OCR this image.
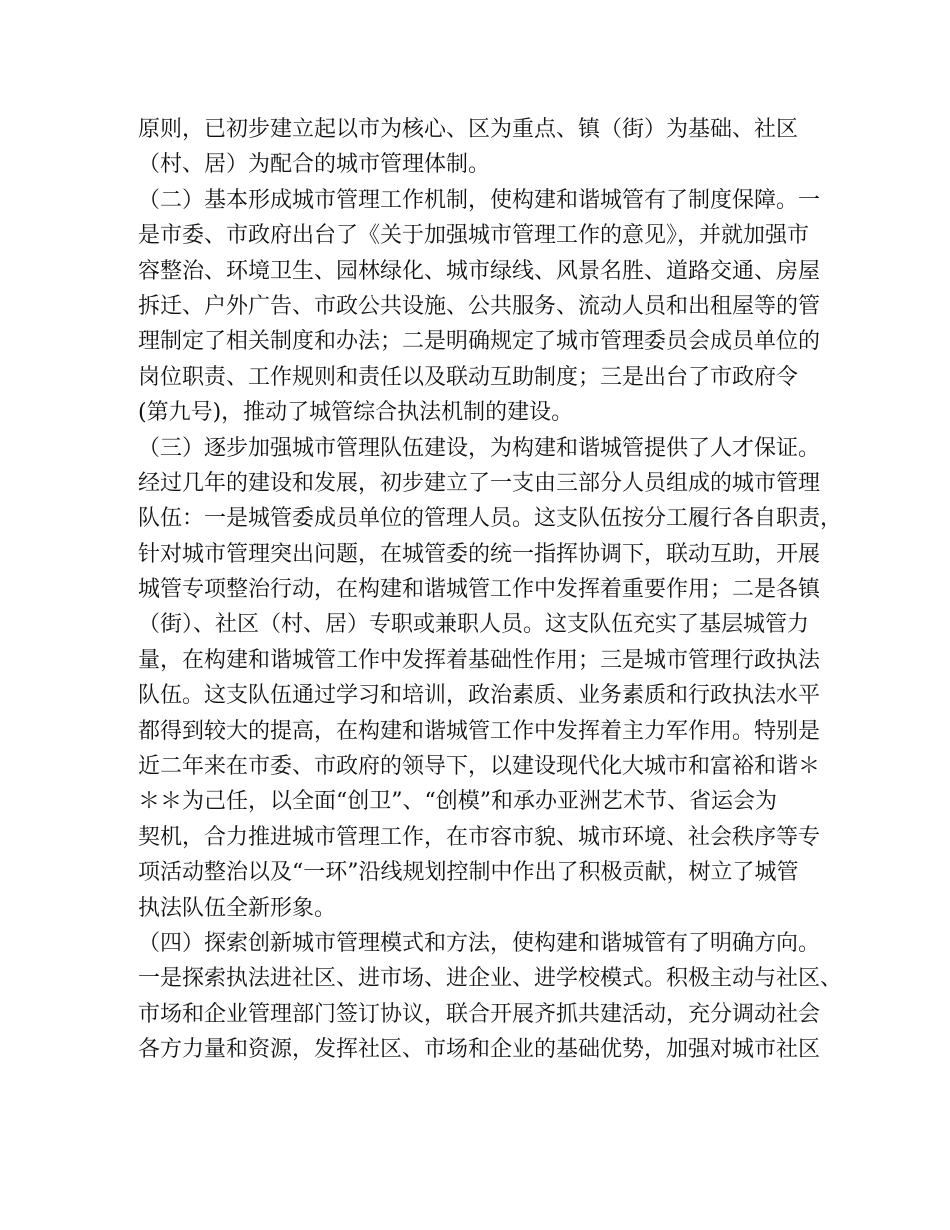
原则，已初步建立起以市为核心、区为重点、镇（街）为基础、社区
（村、居）为配合的城市管理体制。
（二）基本形成城市管理工作机制，使构建和谐城管有了制度保障。一
是市委、市政府出台了《关于加强城市管理工作的意见》，并就加强市
容整治、环境卫生、园林绿化、城市绿线、风景名胜、道路交通、房屋
拆迁、户外广告、市政公共设施、公共服务、流动人员和出租屋等的管
理制定了相关制度和办法；二是明确规定了城市管理委员会成员单位的
岗位职责、工作规则和责任以及联动互助制度；三是出台了市政府令
(第九号)，推动了城管综合执法机制的建设。
（三）逐步加强城市管理队伍建设，为构建和谐城管提供了人才保证。
经过几年的建设和发展，初步建立了一支由三部分人员组成的城市管理
队伍：一是城管委成员单位的管理人员。这支队伍按分工履行各自职责，
针对城市管理突出问题，在城管委的统一指挥协调下，联动互助，开展
城管专项整治行动，在构建和谐城管工作中发挥着重要作用；二是各镇
（街）、社区（村、居）专职或兼职人员。这支队伍充实了基层城管力
量，在构建和谐城管工作中发挥着基础性作用；三是城市管理行政执法
队伍。这支队伍通过学习和培训，政治素质、业务素质和行政执法水平
都得到较大的提高，在构建和谐城管工作中发挥着主力军作用。特别是
近二年来在市委、市政府的领导下，以建设现代化大城市和富裕和谐＊
＊＊为己任，以全面“创卫”、“创模”和承办亚洲艺术节、省运会为
契机，合力推进城市管理工作，在市容市貌、城市环境、社会秩序等专
项活动整治以及“一环”沿线规划控制中作出了积极贡献，树立了城管
执法队伍全新形象。
（四）探索创新城市管理模式和方法，使构建和谐城管有了明确方向。
一是探索执法进社区、进市场、进企业、进学校模式。积极主动与社区、
市场和企业管理部门签订协议，联合开展齐抓共建活动，充分调动社会
各方力量和资源，发挥社区、市场和企业的基础优势，加强对城市社区
